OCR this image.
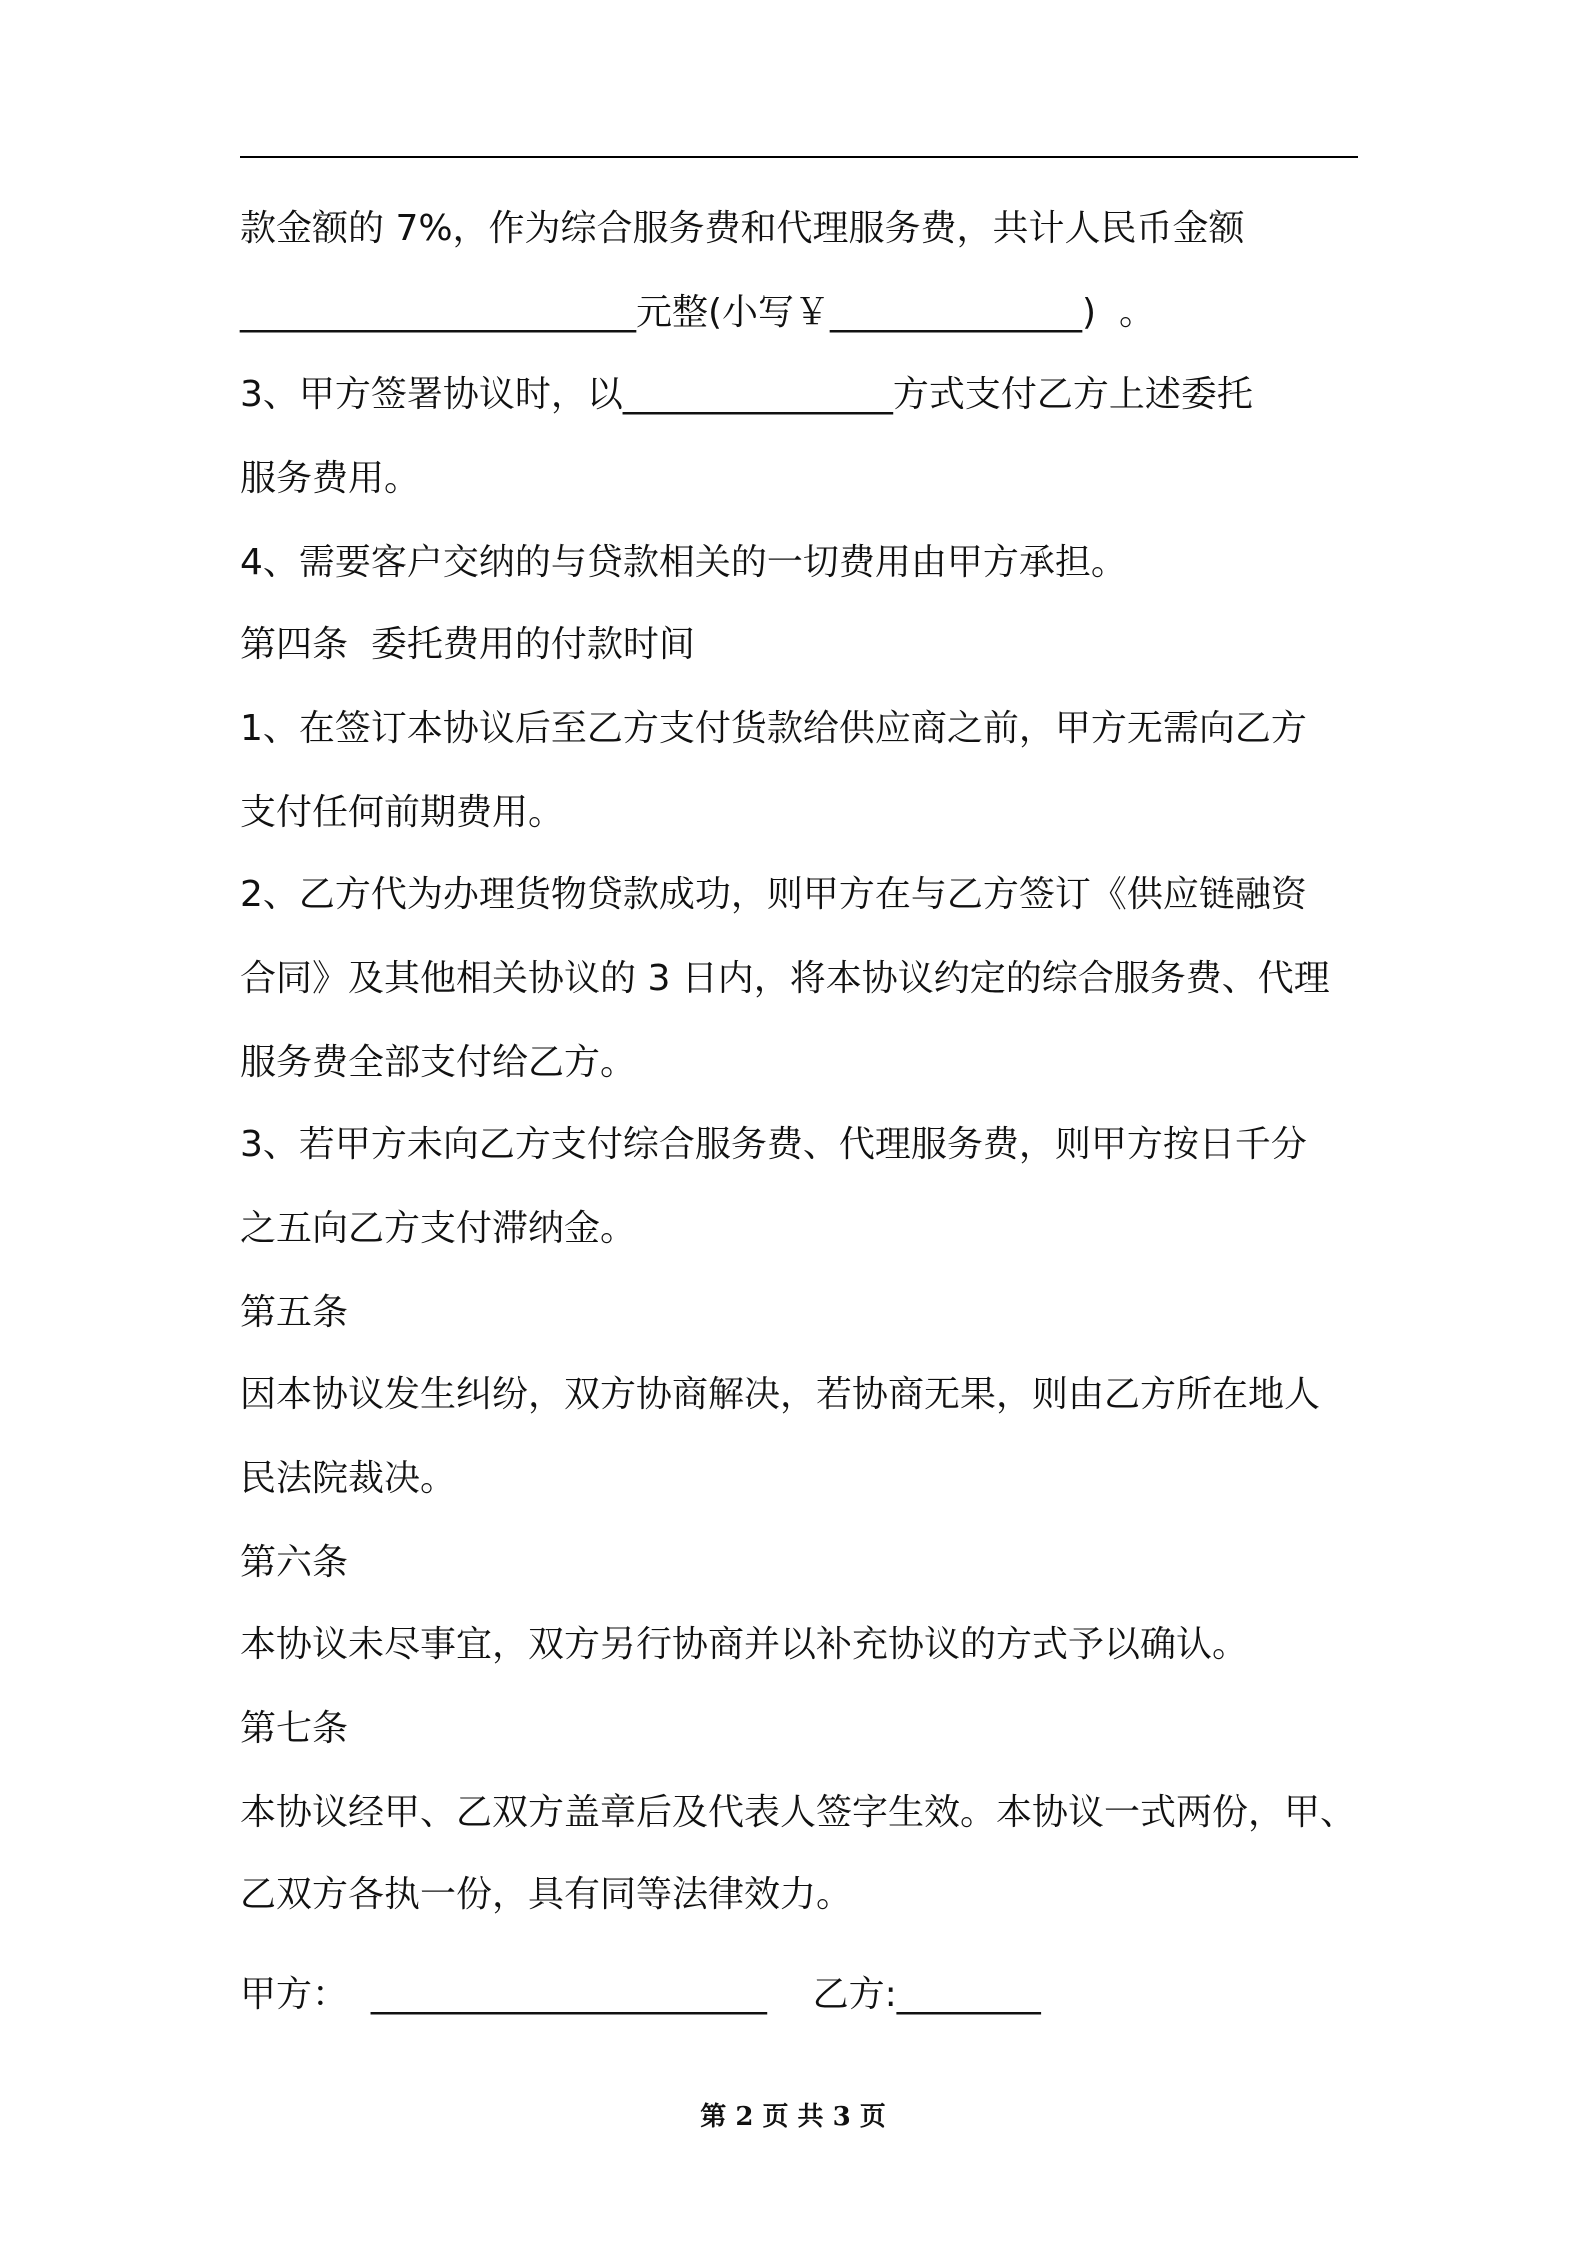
款金额的 7%，作为综合服务费和代理服务费，共计人民币金额
______________________元整(小写￥______________)  。
3、甲方签署协议时，以_______________方式支付乙方上述委托
服务费用。
4、需要客户交纳的与贷款相关的一切费用由甲方承担。
第四条  委托费用的付款时间
1、在签订本协议后至乙方支付货款给供应商之前，甲方无需向乙方
支付任何前期费用。
2、乙方代为办理货物贷款成功，则甲方在与乙方签订《供应链融资
合同》及其他相关协议的 3 日内，将本协议约定的综合服务费、代理
服务费全部支付给乙方。
3、若甲方未向乙方支付综合服务费、代理服务费，则甲方按日千分
之五向乙方支付滞纳金。
第五条
因本协议发生纠纷，双方协商解决，若协商无果，则由乙方所在地人
民法院裁决。
第六条
本协议未尽事宜，双方另行协商并以补充协议的方式予以确认。
第七条
本协议经甲、乙双方盖章后及代表人签字生效。本协议一式两份，甲、
乙双方各执一份，具有同等法律效力。
甲方：  ______________________    乙方:________
第 2 页 共 3 页
